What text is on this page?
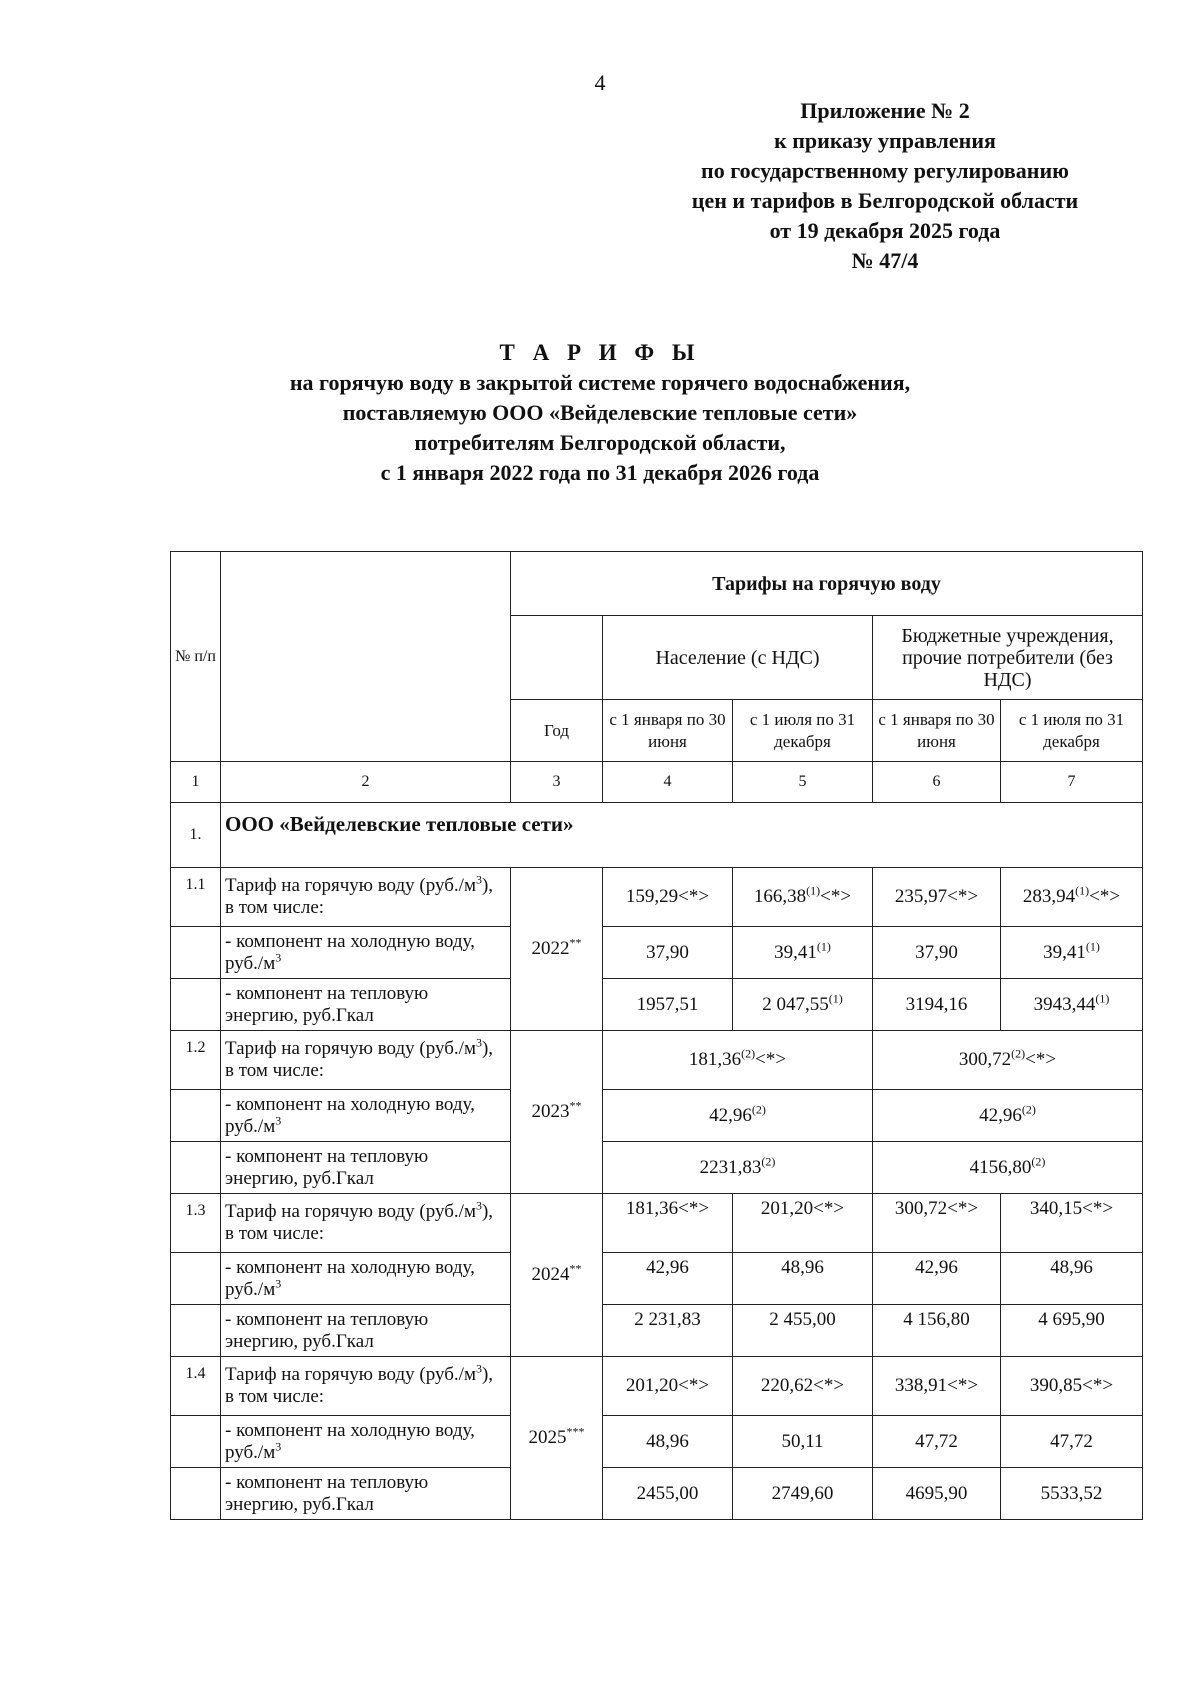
4
Приложение № 2
к приказу управления
по государственному регулированию
цен и тарифов в Белгородской области
от 19 декабря 2025 года
№ 47/4
Т А Р И Ф Ы
на горячую воду в закрытой системе горячего водоснабжения,
поставляемую ООО «Вейделевские тепловые сети»
потребителям Белгородской области,
с 1 января 2022 года по 31 декабря 2026 года
№ п/п		Тарифы на горячую воду				
			Население (с НДС)		Бюджетные учреждения, прочие потребители (без НДС)	
		Год	с 1 января по 30 июня	с 1 июля по 31 декабря	с 1 января по 30 июня	с 1 июля по 31 декабря
1	2	3	4	5	6	7
1.	ООО «Вейделевские тепловые сети»					
1.1	Тариф на горячую воду $(руб./м^3)$, в том числе:	2022**	159,29<*>	$166,38^{(1)}<*>$	235,97<*>	$283,94^{(1)}<*>$
	- компонент на холодную воду, $руб./м^3$		37,90	39,41$^{(1)}$	37,90	39,41$^{(1)}$
	- компонент на тепловую энергию, руб.Гкал		1957,51	2 047,55$^{(1)}$	3194,16	3943,44$^{(1)}$
1.2	Тариф на горячую воду $(руб./м^3)$, в том числе:	2023**	$181,36^{(2)}<*>$		$300,72^{(2)}<*>$	
	- компонент на холодную воду, $руб./м^3$		42,96$^{(2)}$		42,96$^{(2)}$
	- компонент на тепловую энергию, руб.Гкал		2231,83$^{(2)}$		4156,80$^{(2)}$
1.3	Тариф на горячую воду $(руб./м^3)$, в том числе:	2024**	181,36<*>	201,20<*>	300,72<*>	340,15<*>
	- компонент на холодную воду, $руб./м^3$		42,96	48,96	42,96	48,96
	- компонент на тепловую энергию, руб.Гкал		2 231,83	2 455,00	4 156,80	4 695,90
1.4	Тариф на горячую воду $(руб./м^3)$, в том числе:	2025***	201,20<*>	220,62<*>	338,91<*>	390,85<*>
	- компонент на холодную воду, $руб./м^3$		48,96	50,11	47,72	47,72
	- компонент на тепловую энергию, руб.Гкал		2455,00	2749,60	4695,90	5533,52
